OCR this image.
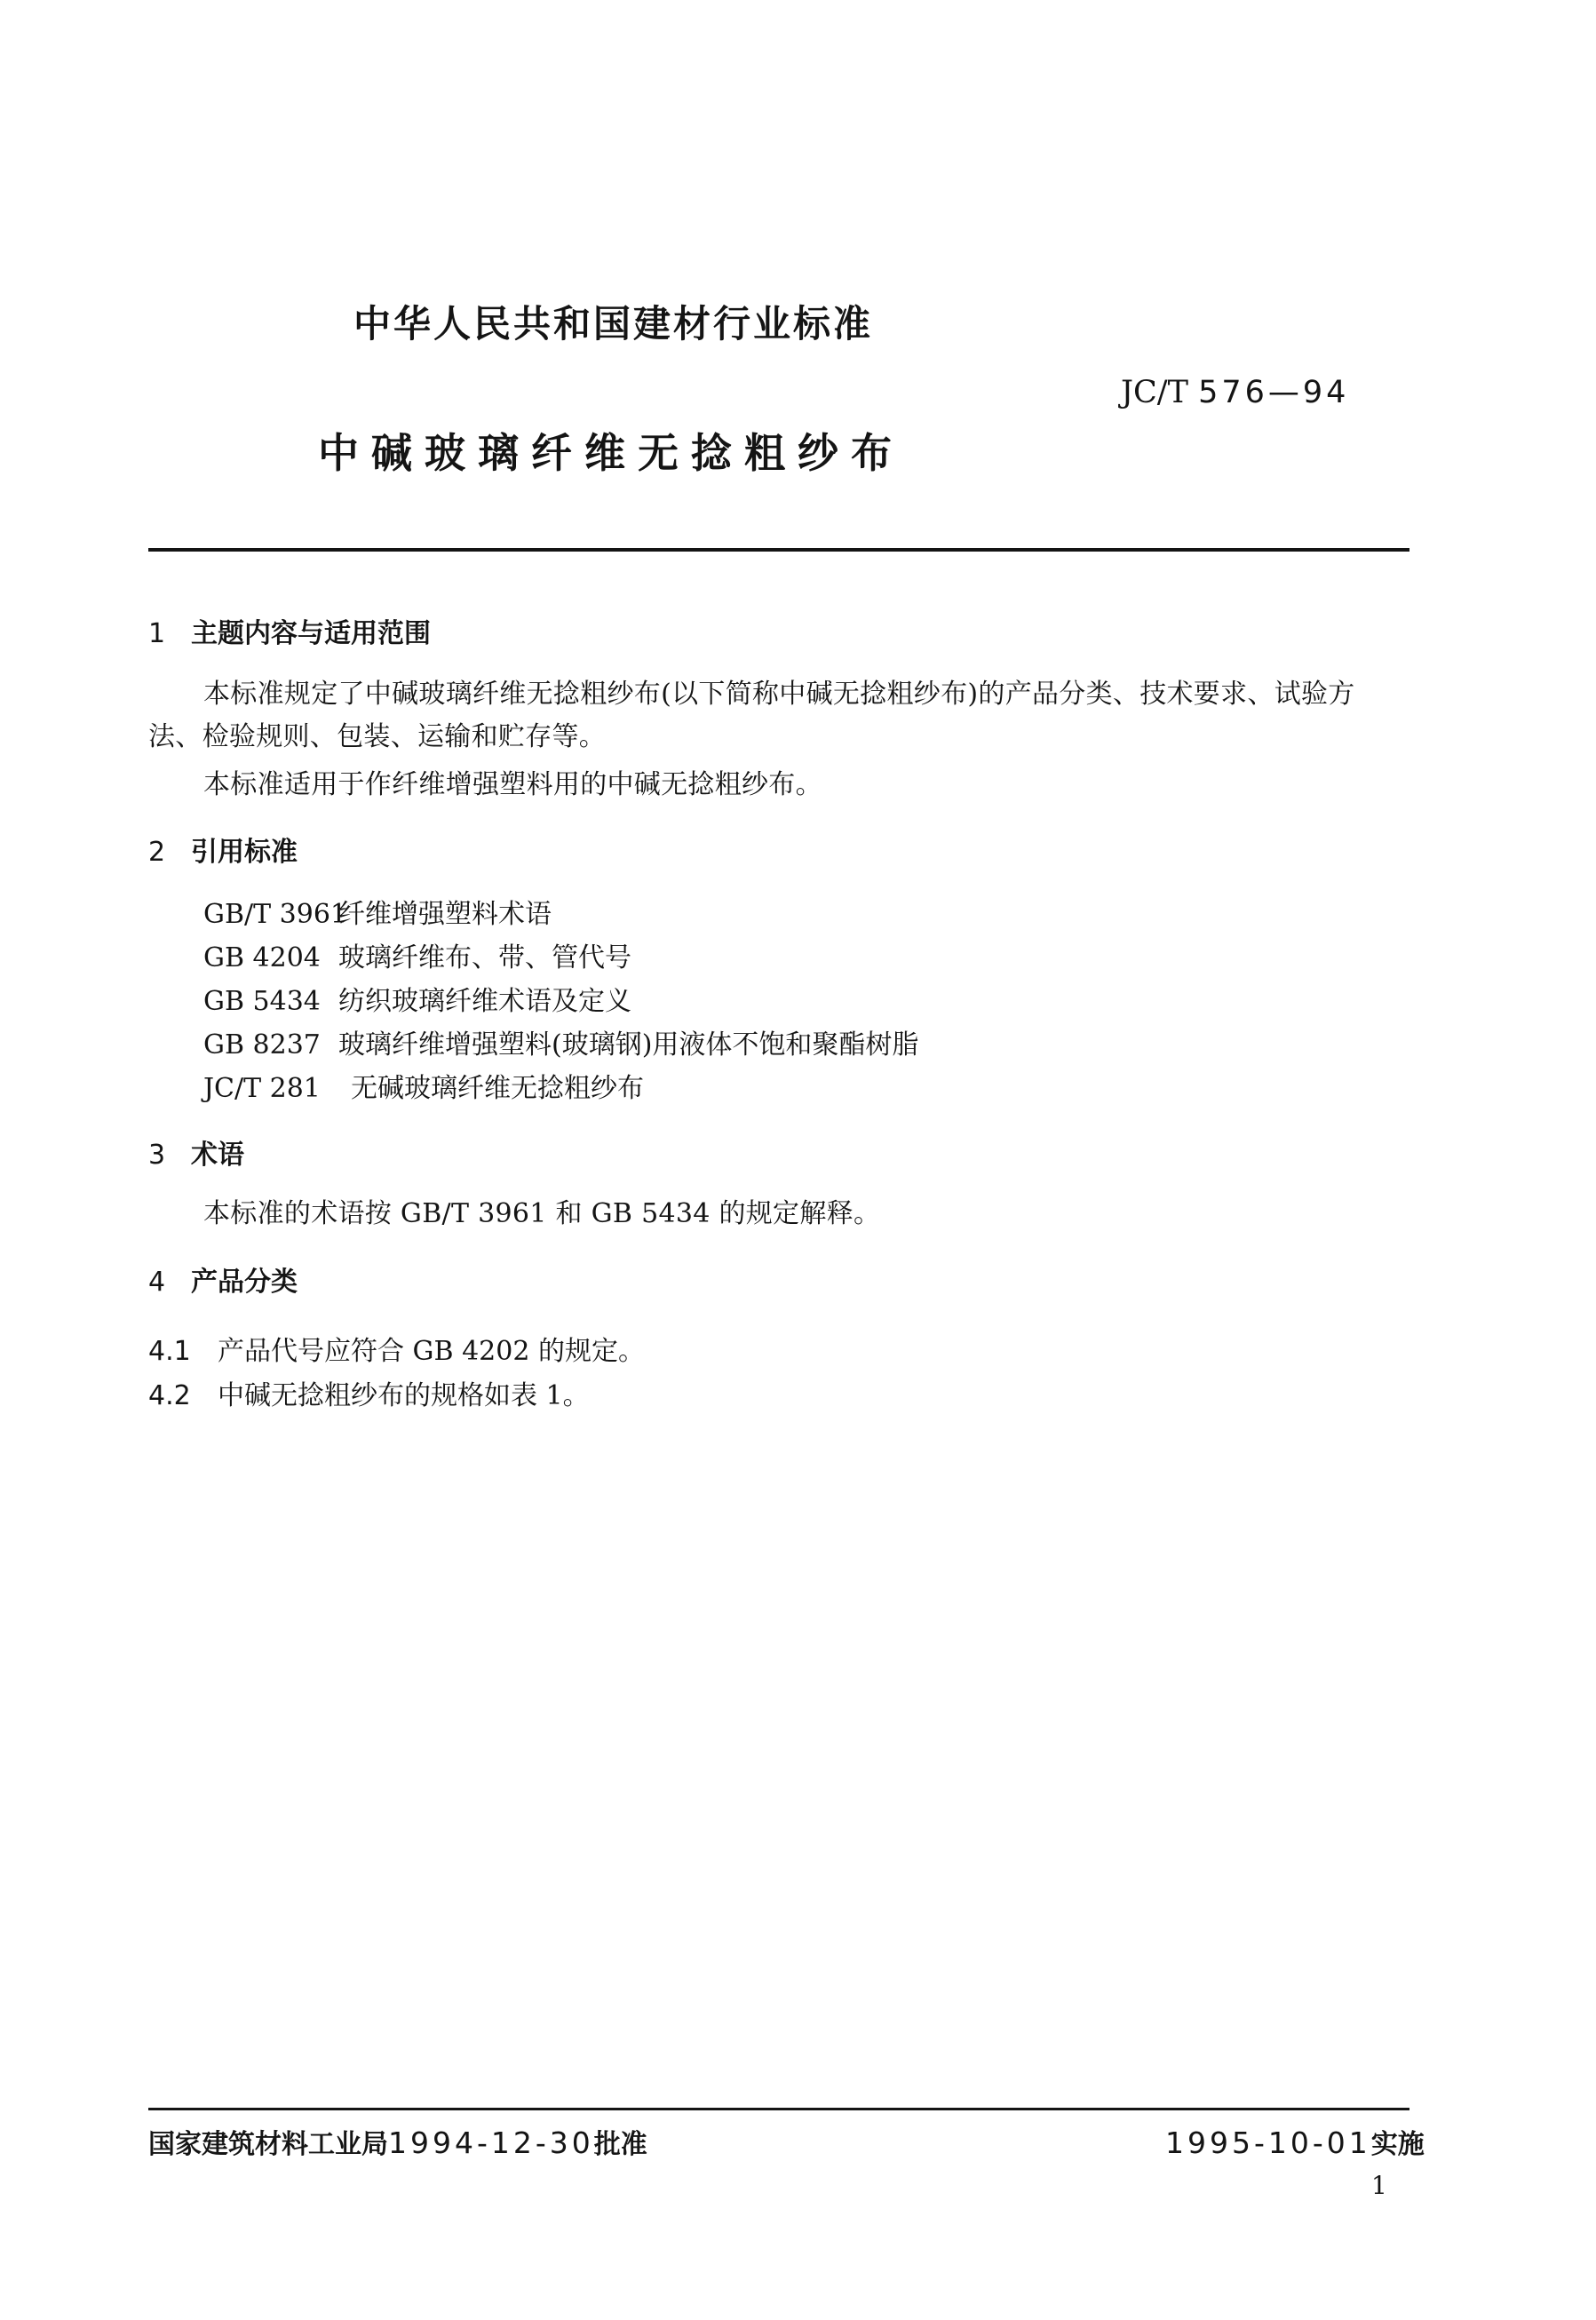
中华人民共和国建材行业标准
JC/T 576—94
中碱玻璃纤维无捻粗纱布
1 主题内容与适用范围
本标准规定了中碱玻璃纤维无捻粗纱布(以下简称中碱无捻粗纱布)的产品分类、技术要求、试验方
法、检验规则、包装、运输和贮存等。
本标准适用于作纤维增强塑料用的中碱无捻粗纱布。
2 引用标准
GB/T 3961纤维增强塑料术语
GB 4204 玻璃纤维布、带、管代号
GB 5434 纺织玻璃纤维术语及定义
GB 8237 玻璃纤维增强塑料(玻璃钢)用液体不饱和聚酯树脂
JC/T 281 无碱玻璃纤维无捻粗纱布
3 术语
本标准的术语按 GB/T 3961 和 GB 5434 的规定解释。
4 产品分类
4.1 产品代号应符合 GB 4202 的规定。
4.2 中碱无捻粗纱布的规格如表 1。
国家建筑材料工业局1994-12-30批准	1995-10-01实施
1
